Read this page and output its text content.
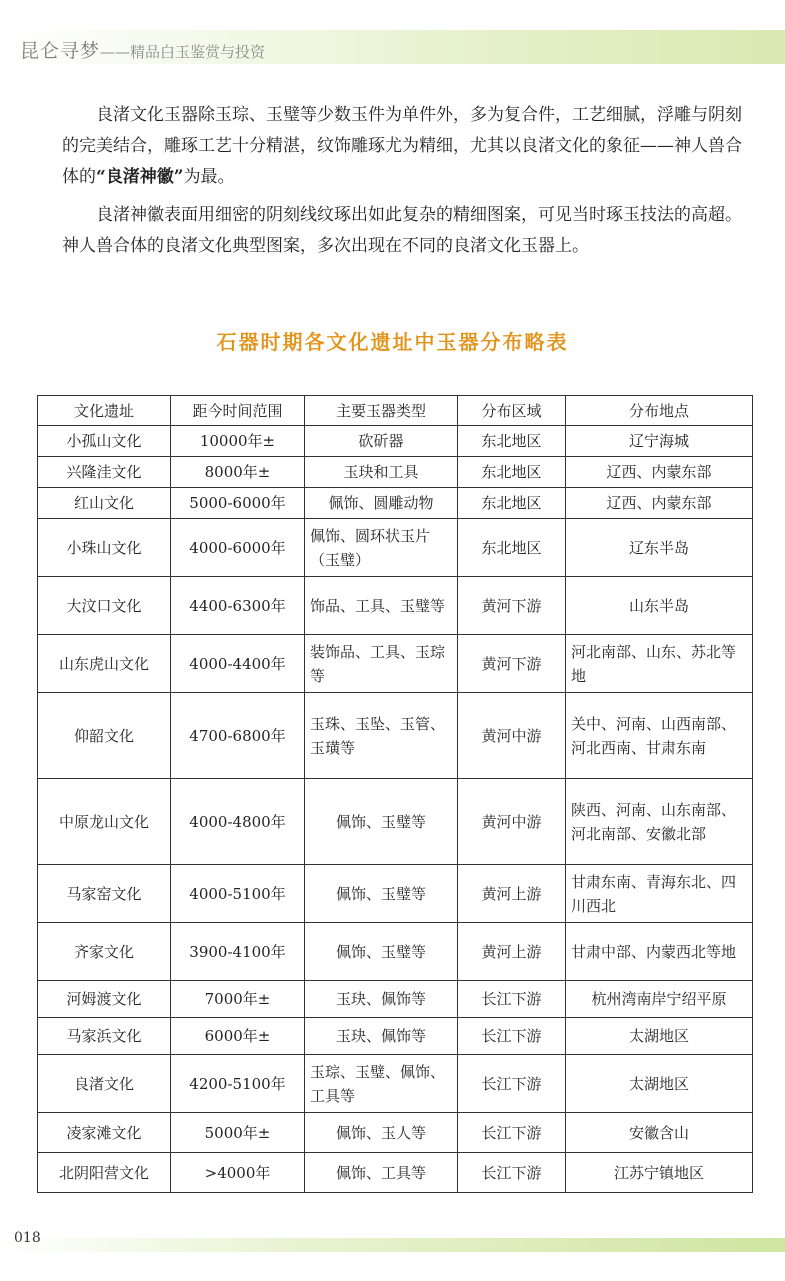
昆仑寻梦——精品白玉鉴赏与投资

良渚文化玉器除玉琮、玉璧等少数玉件为单件外，多为复合件，工艺细腻，浮雕与阴刻的完美结合，雕琢工艺十分精湛，纹饰雕琢尤为精细，尤其以良渚文化的象征——神人兽合体的“良渚神徽”为最。

良渚神徽表面用细密的阴刻线纹琢出如此复杂的精细图案，可见当时琢玉技法的高超。神人兽合体的良渚文化典型图案，多次出现在不同的良渚文化玉器上。

石器时期各文化遗址中玉器分布略表
文化遗址	距今时间范围	主要玉器类型	分布区域	分布地点
小孤山文化	10000年±	砍斫器	东北地区	辽宁海城
兴隆洼文化	8000年±	玉玦和工具	东北地区	辽西、内蒙东部
红山文化	5000-6000年	佩饰、圆雕动物	东北地区	辽西、内蒙东部
小珠山文化	4000-6000年	佩饰、圆环状玉片（玉璧）	东北地区	辽东半岛
大汶口文化	4400-6300年	饰品、工具、玉璧等	黄河下游	山东半岛
山东虎山文化	4000-4400年	装饰品、工具、玉琮等	黄河下游	河北南部、山东、苏北等地
仰韶文化	4700-6800年	玉珠、玉坠、玉管、玉璜等	黄河中游	关中、河南、山西南部、河北西南、甘肃东南
中原龙山文化	4000-4800年	佩饰、玉璧等	黄河中游	陕西、河南、山东南部、河北南部、安徽北部
马家窑文化	4000-5100年	佩饰、玉璧等	黄河上游	甘肃东南、青海东北、四川西北
齐家文化	3900-4100年	佩饰、玉璧等	黄河上游	甘肃中部、内蒙西北等地
河姆渡文化	7000年±	玉玦、佩饰等	长江下游	杭州湾南岸宁绍平原
马家浜文化	6000年±	玉玦、佩饰等	长江下游	太湖地区
良渚文化	4200-5100年	玉琮、玉璧、佩饰、工具等	长江下游	太湖地区
凌家滩文化	5000年±	佩饰、玉人等	长江下游	安徽含山
北阴阳营文化	>4000年	佩饰、工具等	长江下游	江苏宁镇地区
018
